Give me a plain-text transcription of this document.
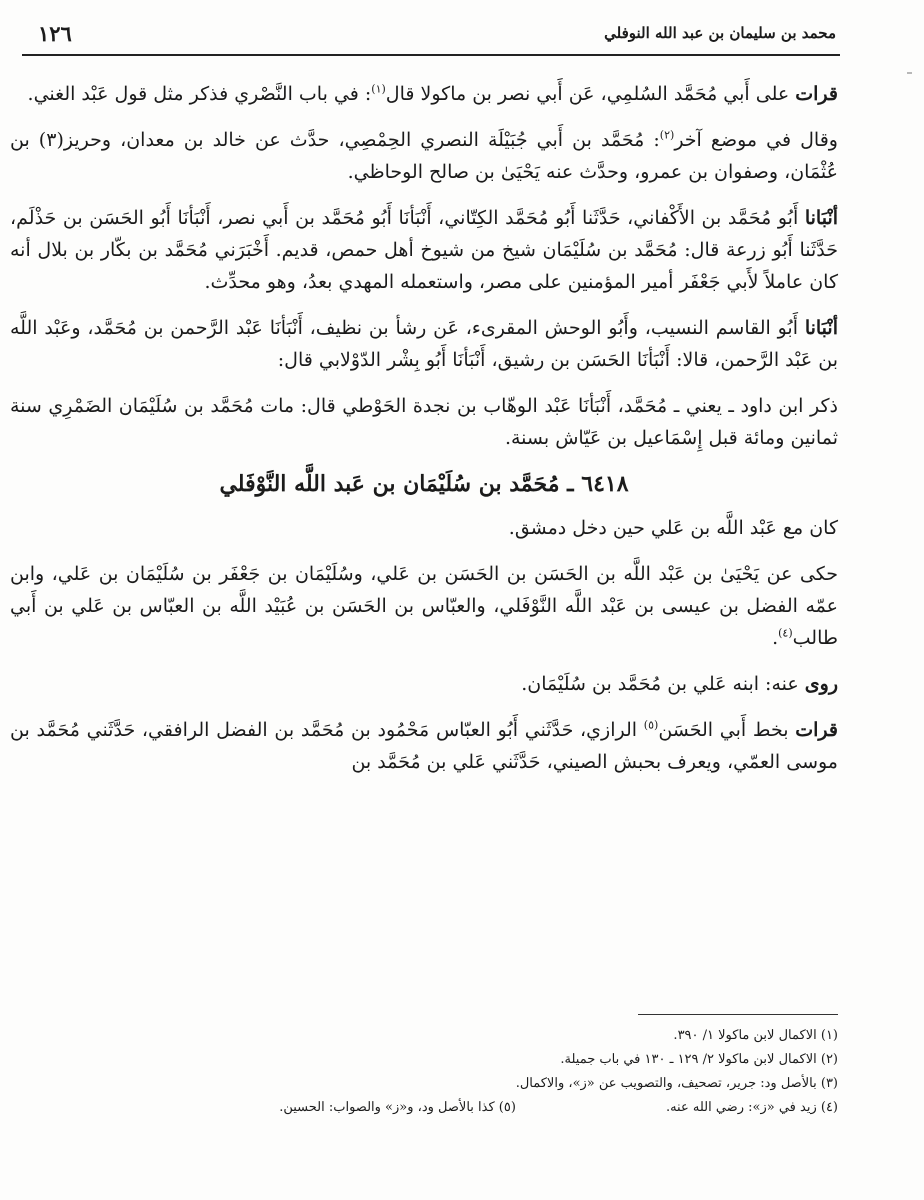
محمد بن سليمان بن عبد الله النوفلي
١٢٦

قرات على أَبي مُحَمَّد السُلمِي، عَن أَبي نصر بن ماكولا قال$^{(١)}$: في باب النَّصْري فذكر مثل قول عَبْد الغني.

وقال في موضع آخر$^{(٢)}$: مُحَمَّد بن أَبي جُبَيْلَة النصري الحِمْصِي، حدَّث عن خالد بن معدان، وحريز(٣) بن عُثْمَان، وصفوان بن عمرو، وحدَّث عنه يَحْيَىٰ بن صالح الوحاظي.

أنْبَانا أَبُو مُحَمَّد بن الأَكْفاني، حَدَّثَنا أَبُو مُحَمَّد الكِتّاني، أَنْبَأنَا أَبُو مُحَمَّد بن أَبي نصر، أَنْبَأنَا أَبُو الحَسَن بن حَذْلَم، حَدَّثَنا أَبُو زرعة قال: مُحَمَّد بن سُلَيْمَان شيخ من شيوخ أهل حمص، قديم. أَخْبَرَني مُحَمَّد بن بكّار بن بلال أنه كان عاملاً لأَبي جَعْفَر أمير المؤمنين على مصر، واستعمله المهدي بعدُ، وهو محدِّث.

أنْبَانا أَبُو القاسم النسيب، وأَبُو الوحش المقرىء، عَن رشأ بن نظيف، أَنْبَأنَا عَبْد الرَّحمن بن مُحَمَّد، وعَبْد اللَّه بن عَبْد الرَّحمن، قالا: أَنْبَأنَا الحَسَن بن رشيق، أَنْبَأنَا أَبُو بِشْر الدّوْلابي قال:

ذكر ابن داود ـ يعني ـ مُحَمَّد، أَنْبَأنَا عَبْد الوهّاب بن نجدة الحَوْطي قال: مات مُحَمَّد بن سُلَيْمَان الضَمْرِي سنة ثمانين ومائة قبل إِسْمَاعيل بن عَيّاش بسنة.

٦٤١٨ ـ مُحَمَّد بن سُلَيْمَان بن عَبد اللَّه النَّوْفَلي

كان مع عَبْد اللَّه بن عَلي حين دخل دمشق.

حكى عن يَحْيَىٰ بن عَبْد اللَّه بن الحَسَن بن الحَسَن بن عَلي، وسُلَيْمَان بن جَعْفَر بن سُلَيْمَان بن عَلي، وابن عمّه الفضل بن عيسى بن عَبْد اللَّه النَّوْفَلي، والعبّاس بن الحَسَن بن عُبَيْد اللَّه بن العبّاس بن عَلي بن أَبي طالب$^{(٤)}$.

روى عنه: ابنه عَلي بن مُحَمَّد بن سُلَيْمَان.

قرات بخط أَبي الحَسَن$^{(٥)}$ الرازي، حَدَّثَني أَبُو العبّاس مَحْمُود بن مُحَمَّد بن الفضل الرافقي، حَدَّثَني مُحَمَّد بن موسى العمّي، ويعرف بحبش الصيني، حَدَّثَني عَلي بن مُحَمَّد بن

(١) الاكمال لابن ماكولا ١/ ٣٩٠.
(٢) الاكمال لابن ماكولا ٢/ ١٢٩ ـ ١٣٠ في باب جميلة.
(٣) بالأصل ود: جرير، تصحيف، والتصويب عن «ز»، والاكمال.
(٤) زيد في «ز»: رضي الله عنه.
(٥) كذا بالأصل ود، و«ز» والصواب: الحسين.
